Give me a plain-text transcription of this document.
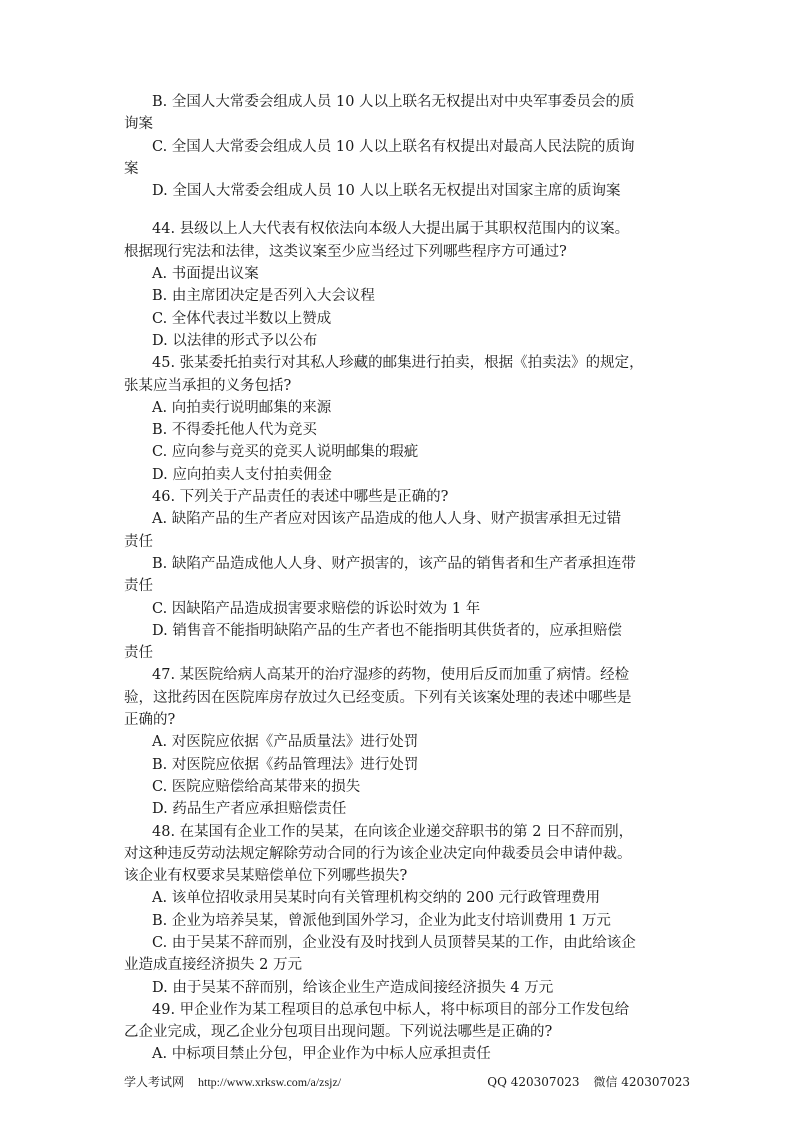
B. 全国人大常委会组成人员 10 人以上联名无权提出对中央军事委员会的质
询案
C. 全国人大常委会组成人员 10 人以上联名有权提出对最高人民法院的质询
案
D. 全国人大常委会组成人员 10 人以上联名无权提出对国家主席的质询案
44. 县级以上人大代表有权依法向本级人大提出属于其职权范围内的议案。
根据现行宪法和法律，这类议案至少应当经过下列哪些程序方可通过?
A. 书面提出议案
B. 由主席团决定是否列入大会议程
C. 全体代表过半数以上赞成
D. 以法律的形式予以公布
45. 张某委托拍卖行对其私人珍藏的邮集进行拍卖，根据《拍卖法》的规定，
张某应当承担的义务包括?
A. 向拍卖行说明邮集的来源
B. 不得委托他人代为竞买
C. 应向参与竞买的竞买人说明邮集的瑕疵
D. 应向拍卖人支付拍卖佣金
46. 下列关于产品责任的表述中哪些是正确的?
A. 缺陷产品的生产者应对因该产品造成的他人人身、财产损害承担无过错
责任
B. 缺陷产品造成他人人身、财产损害的，该产品的销售者和生产者承担连带
责任
C. 因缺陷产品造成损害要求赔偿的诉讼时效为 1 年
D. 销售音不能指明缺陷产品的生产者也不能指明其供货者的，应承担赔偿
责任
47. 某医院给病人高某开的治疗湿疹的药物，使用后反而加重了病情。经检
验，这批药因在医院库房存放过久已经变质。下列有关该案处理的表述中哪些是
正确的?
A. 对医院应依据《产品质量法》进行处罚
B. 对医院应依据《药品管理法》进行处罚
C. 医院应赔偿给高某带来的损失
D. 药品生产者应承担赔偿责任
48. 在某国有企业工作的吴某，在向该企业递交辞职书的第 2 日不辞而别，
对这种违反劳动法规定解除劳动合同的行为该企业决定向仲裁委员会申请仲裁。
该企业有权要求吴某赔偿单位下列哪些损失?
A. 该单位招收录用吴某时向有关管理机构交纳的 200 元行政管理费用
B. 企业为培养吴某，曾派他到国外学习，企业为此支付培训费用 1 万元
C. 由于吴某不辞而别，企业没有及时找到人员顶替吴某的工作，由此给该企
业造成直接经济损失 2 万元
D. 由于吴某不辞而别，给该企业生产造成间接经济损失 4 万元
49. 甲企业作为某工程项目的总承包中标人，将中标项目的部分工作发包给
乙企业完成，现乙企业分包项目出现问题。下列说法哪些是正确的?
A. 中标项目禁止分包，甲企业作为中标人应承担责任
学人考试网 http://www.xrksw.com/a/zsjz/	QQ 420307023 微信 420307023
